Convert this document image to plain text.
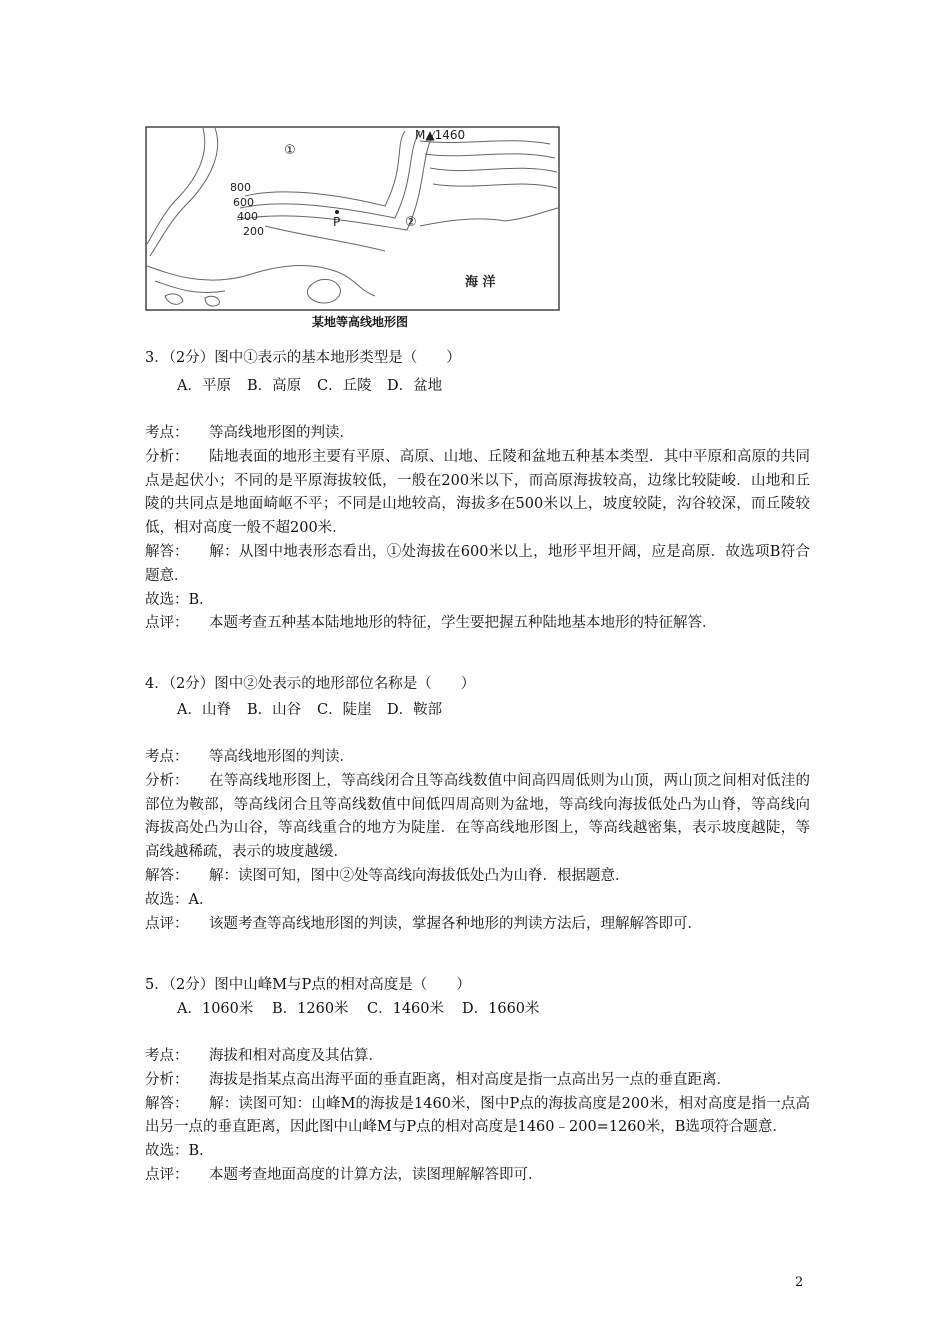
①
M▲1460
800
600
400
200
P	②
海 洋
某地等高线地形图
3．（2分）图中①表示的基本地形类型是（　　）
A．平原 B．高原 C．丘陵 D．盆地

考点： 等高线地形图的判读．

分析： 陆地表面的地形主要有平原、高原、山地、丘陵和盆地五种基本类型．其中平原和高原的共同点是起伏小；不同的是平原海拔较低，一般在200米以下，而高原海拔较高，边缘比较陡峻．山地和丘陵的共同点是地面崎岖不平；不同是山地较高，海拔多在500米以上，坡度较陡，沟谷较深，而丘陵较低，相对高度一般不超200米．

解答： 解：从图中地表形态看出，①处海拔在600米以上，地形平坦开阔，应是高原．故选项B符合题意．

故选：B．

点评： 本题考查五种基本陆地地形的特征，学生要把握五种陆地基本地形的特征解答．

4．（2分）图中②处表示的地形部位名称是（　　）
A．山脊 B．山谷 C．陡崖 D．鞍部

考点： 等高线地形图的判读．

分析： 在等高线地形图上，等高线闭合且等高线数值中间高四周低则为山顶，两山顶之间相对低洼的部位为鞍部，等高线闭合且等高线数值中间低四周高则为盆地，等高线向海拔低处凸为山脊，等高线向海拔高处凸为山谷，等高线重合的地方为陡崖．在等高线地形图上，等高线越密集，表示坡度越陡，等高线越稀疏，表示的坡度越缓．

解答： 解：读图可知，图中②处等高线向海拔低处凸为山脊．根据题意．

故选：A．

点评： 该题考查等高线地形图的判读，掌握各种地形的判读方法后，理解解答即可．

5．（2分）图中山峰M与P点的相对高度是（　　）
A．1060米 B．1260米 C．1460米 D．1660米

考点： 海拔和相对高度及其估算．

分析： 海拔是指某点高出海平面的垂直距离，相对高度是指一点高出另一点的垂直距离．

解答： 解：读图可知：山峰M的海拔是1460米，图中P点的海拔高度是200米，相对高度是指一点高出另一点的垂直距离，因此图中山峰M与P点的相对高度是1460﹣200=1260米，B选项符合题意．

故选：B．

点评： 本题考查地面高度的计算方法，读图理解解答即可．

2
